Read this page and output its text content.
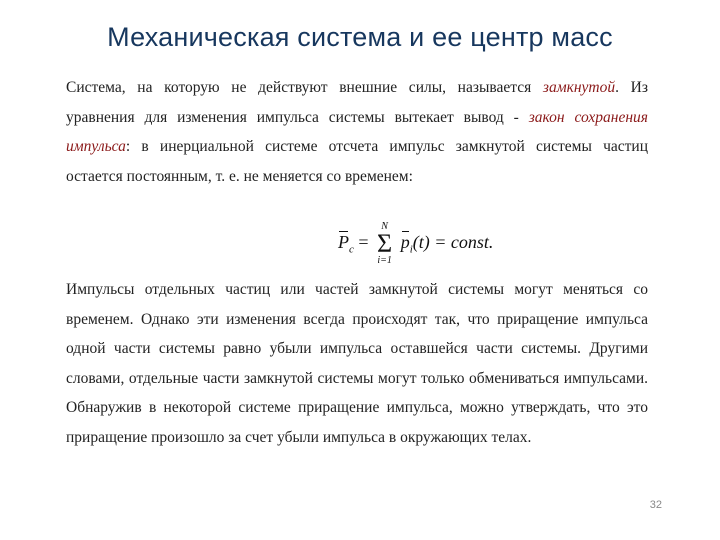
Механическая система и ее центр масс

Система, на которую не действуют внешние силы, называется замкнутой. Из уравнения для изменения импульса системы вытекает вывод - закон сохранения импульса: в инерциальной системе отсчета импульс замкнутой системы частиц остается постоянным, т. е. не меняется со временем:

$P_c$ =
N
Σ
i=1
$p_i(t)$ = const.

Импульсы отдельных частиц или частей замкнутой системы могут меняться со временем. Однако эти изменения всегда происходят так, что приращение импульса одной части системы равно убыли импульса оставшейся части системы. Другими словами, отдельные части замкнутой системы могут только обмениваться импульсами. Обнаружив в некоторой системе приращение импульса, можно утверждать, что это приращение произошло за счет убыли импульса в окружающих телах.

32
